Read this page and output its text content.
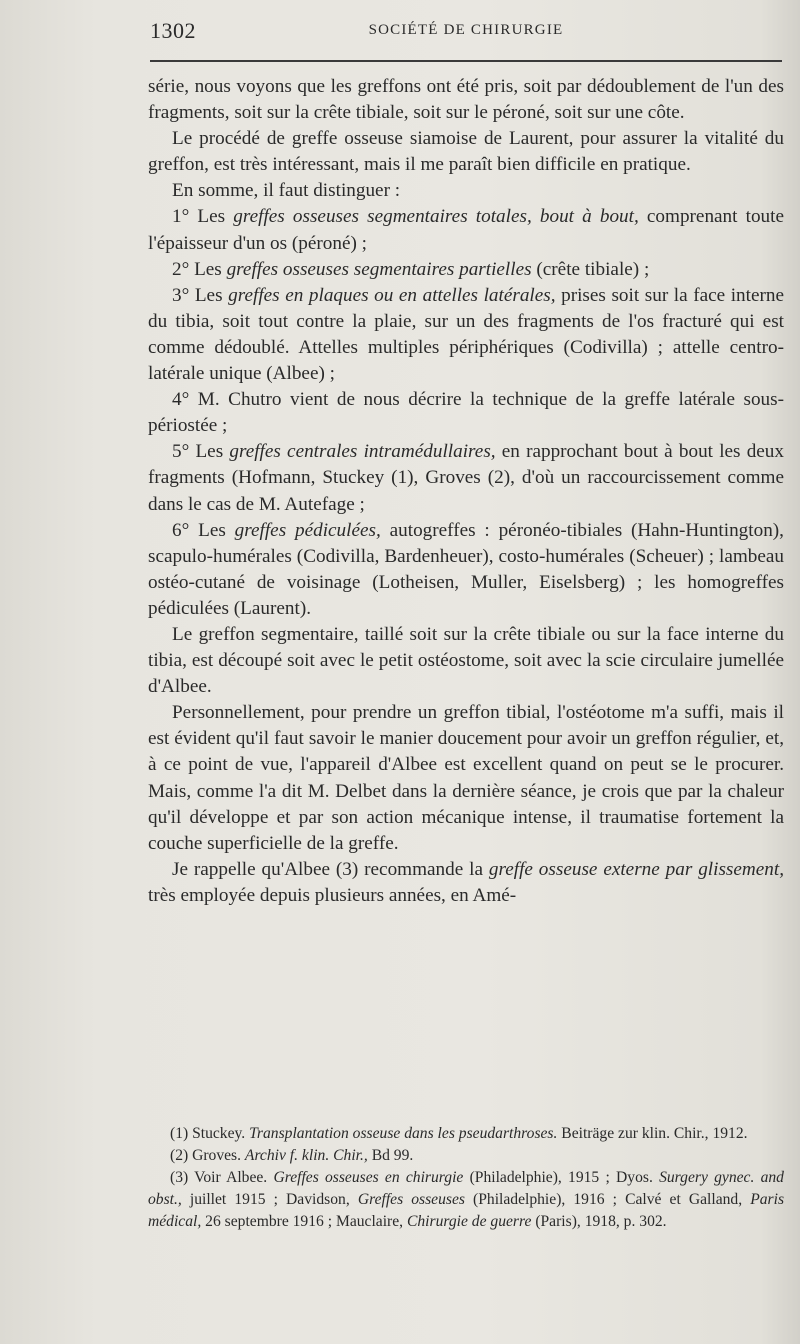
1302	SOCIÉTÉ DE CHIRURGIE

série, nous voyons que les greffons ont été pris, soit par dédoublement de l'un des fragments, soit sur la crête tibiale, soit sur le péroné, soit sur une côte.

Le procédé de greffe osseuse siamoise de Laurent, pour assurer la vitalité du greffon, est très intéressant, mais il me paraît bien difficile en pratique.

En somme, il faut distinguer :

1° Les greffes osseuses segmentaires totales, bout à bout, comprenant toute l'épaisseur d'un os (péroné) ;

2° Les greffes osseuses segmentaires partielles (crête tibiale) ;

3° Les greffes en plaques ou en attelles latérales, prises soit sur la face interne du tibia, soit tout contre la plaie, sur un des fragments de l'os fracturé qui est comme dédoublé. Attelles multiples périphériques (Codivilla) ; attelle centro-latérale unique (Albee) ;

4° M. Chutro vient de nous décrire la technique de la greffe latérale sous-périostée ;

5° Les greffes centrales intramédullaires, en rapprochant bout à bout les deux fragments (Hofmann, Stuckey (1), Groves (2), d'où un raccourcissement comme dans le cas de M. Autefage ;

6° Les greffes pédiculées, autogreffes : péronéo-tibiales (Hahn-Huntington), scapulo-humérales (Codivilla, Bardenheuer), costo-humérales (Scheuer) ; lambeau ostéo-cutané de voisinage (Lotheisen, Muller, Eiselsberg) ; les homogreffes pédiculées (Laurent).

Le greffon segmentaire, taillé soit sur la crête tibiale ou sur la face interne du tibia, est découpé soit avec le petit ostéostome, soit avec la scie circulaire jumellée d'Albee.

Personnellement, pour prendre un greffon tibial, l'ostéotome m'a suffi, mais il est évident qu'il faut savoir le manier doucement pour avoir un greffon régulier, et, à ce point de vue, l'appareil d'Albee est excellent quand on peut se le procurer. Mais, comme l'a dit M. Delbet dans la dernière séance, je crois que par la chaleur qu'il développe et par son action mécanique intense, il traumatise fortement la couche superficielle de la greffe.

Je rappelle qu'Albee (3) recommande la greffe osseuse externe par glissement, très employée depuis plusieurs années, en Amé-

(1) Stuckey. Transplantation osseuse dans les pseudarthroses. Beiträge zur klin. Chir., 1912.

(2) Groves. Archiv f. klin. Chir., Bd 99.

(3) Voir Albee. Greffes osseuses en chirurgie (Philadelphie), 1915 ; Dyos. Surgery gynec. and obst., juillet 1915 ; Davidson, Greffes osseuses (Philadelphie), 1916 ; Calvé et Galland, Paris médical, 26 septembre 1916 ; Mauclaire, Chirurgie de guerre (Paris), 1918, p. 302.
